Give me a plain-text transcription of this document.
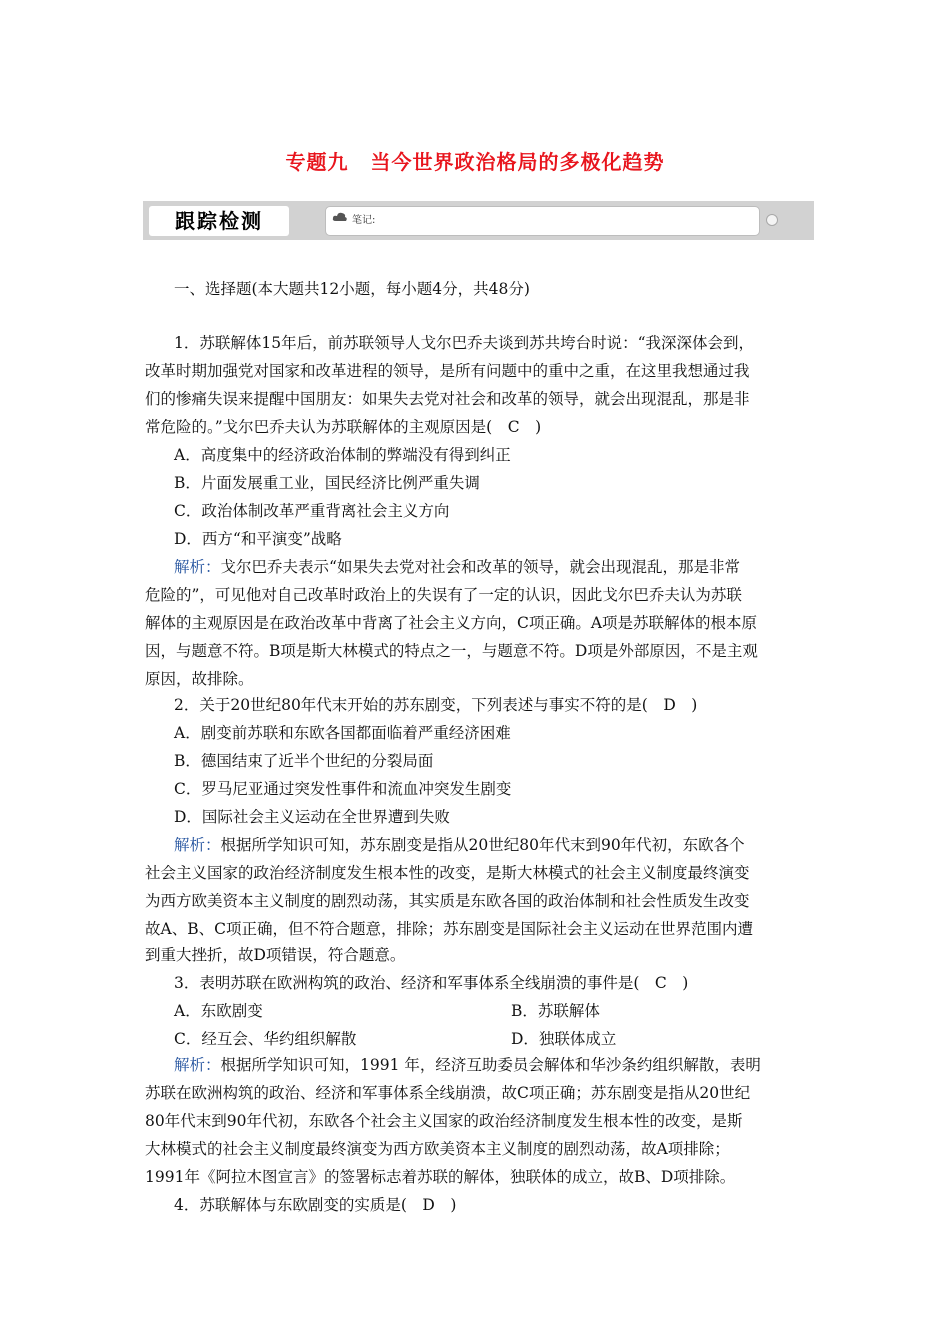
专题九 当今世界政治格局的多极化趋势
跟踪检测	笔记:
一、选择题(本大题共12小题，每小题4分，共48分)
1．苏联解体15年后，前苏联领导人戈尔巴乔夫谈到苏共垮台时说：“我深深体会到，
改革时期加强党对国家和改革进程的领导，是所有问题中的重中之重，在这里我想通过我
们的惨痛失误来提醒中国朋友：如果失去党对社会和改革的领导，就会出现混乱，那是非
常危险的。”戈尔巴乔夫认为苏联解体的主观原因是(　C　)
A．高度集中的经济政治体制的弊端没有得到纠正
B．片面发展重工业，国民经济比例严重失调
C．政治体制改革严重背离社会主义方向
D．西方“和平演变”战略
解析：戈尔巴乔夫表示“如果失去党对社会和改革的领导，就会出现混乱，那是非常
危险的”，可见他对自己改革时政治上的失误有了一定的认识，因此戈尔巴乔夫认为苏联
解体的主观原因是在政治改革中背离了社会主义方向，C项正确。A项是苏联解体的根本原
因，与题意不符。B项是斯大林模式的特点之一，与题意不符。D项是外部原因，不是主观
原因，故排除。
2．关于20世纪80年代末开始的苏东剧变，下列表述与事实不符的是(　D　)
A．剧变前苏联和东欧各国都面临着严重经济困难
B．德国结束了近半个世纪的分裂局面
C．罗马尼亚通过突发性事件和流血冲突发生剧变
D．国际社会主义运动在全世界遭到失败
解析：根据所学知识可知，苏东剧变是指从20世纪80年代末到90年代初，东欧各个
社会主义国家的政治经济制度发生根本性的改变，是斯大林模式的社会主义制度最终演变
为西方欧美资本主义制度的剧烈动荡，其实质是东欧各国的政治体制和社会性质发生改变
故A、B、C项正确，但不符合题意，排除；苏东剧变是国际社会主义运动在世界范围内遭
到重大挫折，故D项错误，符合题意。
3．表明苏联在欧洲构筑的政治、经济和军事体系全线崩溃的事件是(　C　)
A．东欧剧变	B．苏联解体
C．经互会、华约组织解散	D．独联体成立
解析：根据所学知识可知，1991 年，经济互助委员会解体和华沙条约组织解散，表明
苏联在欧洲构筑的政治、经济和军事体系全线崩溃，故C项正确；苏东剧变是指从20世纪
80年代末到90年代初，东欧各个社会主义国家的政治经济制度发生根本性的改变，是斯
大林模式的社会主义制度最终演变为西方欧美资本主义制度的剧烈动荡，故A项排除；
1991年《阿拉木图宣言》的签署标志着苏联的解体，独联体的成立，故B、D项排除。
4．苏联解体与东欧剧变的实质是(　D　)
